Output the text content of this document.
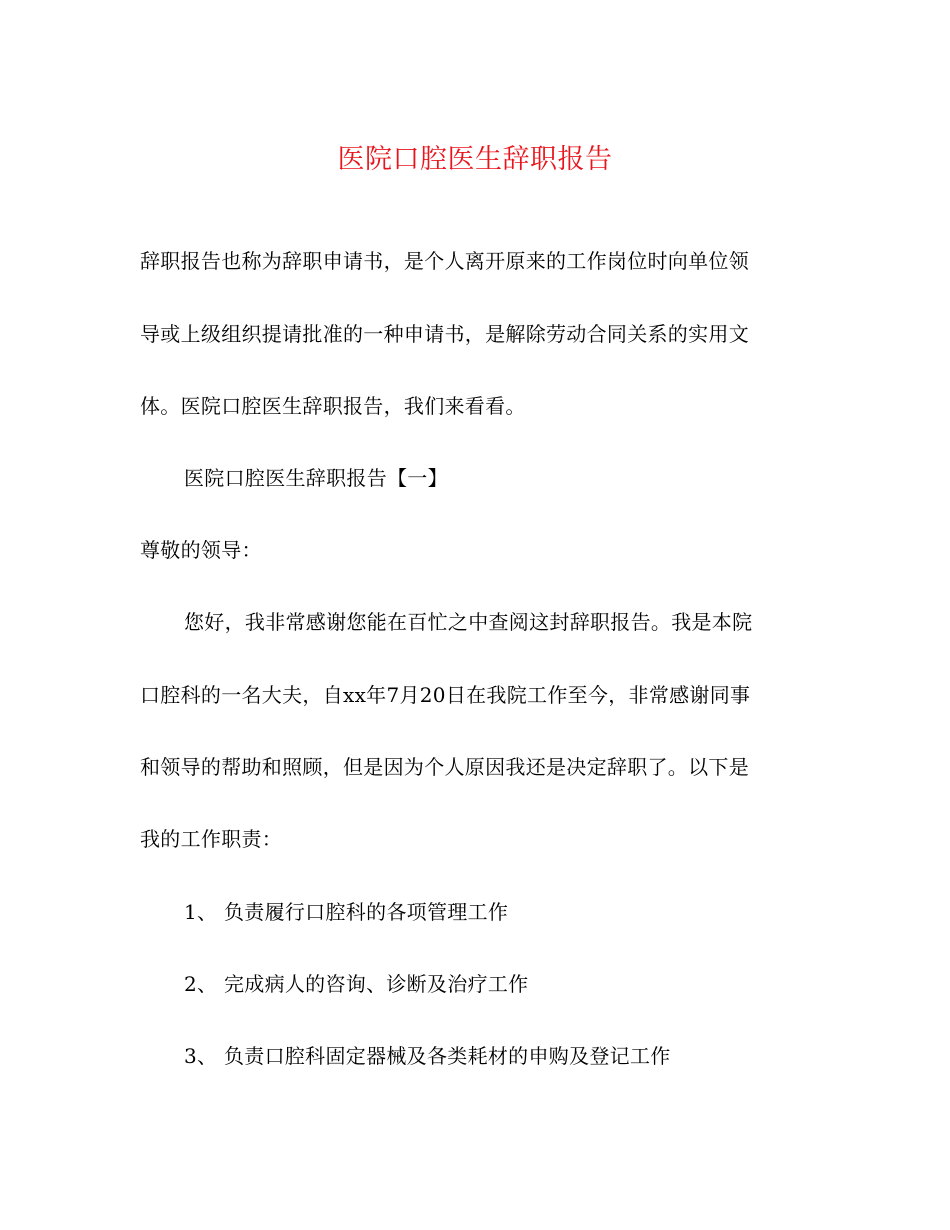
医院口腔医生辞职报告

辞职报告也称为辞职申请书，是个人离开原来的工作岗位时向单位领

导或上级组织提请批准的一种申请书，是解除劳动合同关系的实用文

体。医院口腔医生辞职报告，我们来看看。

医院口腔医生辞职报告【一】

尊敬的领导：

您好，我非常感谢您能在百忙之中查阅这封辞职报告。我是本院

口腔科的一名大夫，自xx年7月20日在我院工作至今，非常感谢同事

和领导的帮助和照顾，但是因为个人原因我还是决定辞职了。以下是

我的工作职责：

1、 负责履行口腔科的各项管理工作

2、 完成病人的咨询、诊断及治疗工作

3、 负责口腔科固定器械及各类耗材的申购及登记工作
